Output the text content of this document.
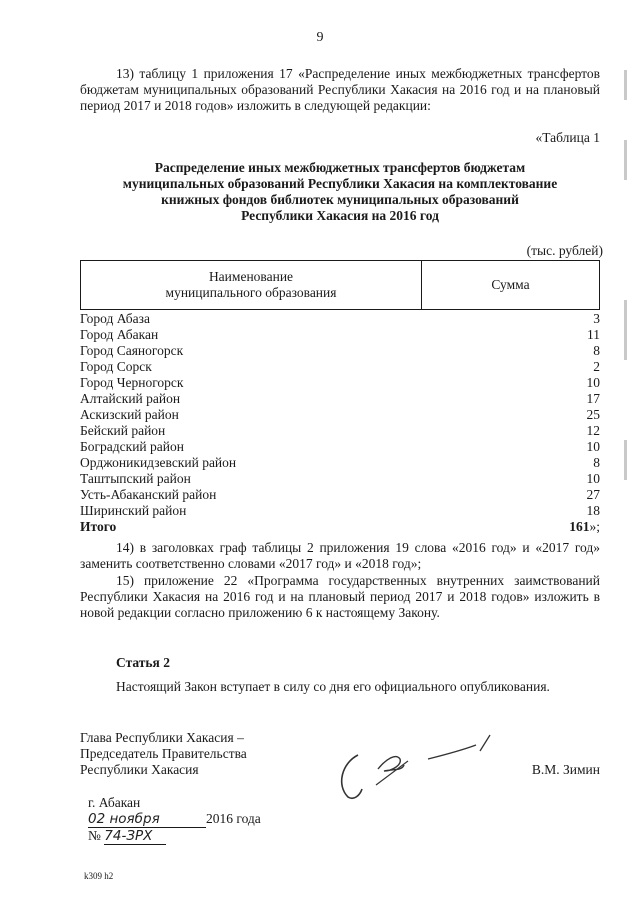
9
13) таблицу 1 приложения 17 «Распределение иных межбюджетных трансфертов бюджетам муниципальных образований Республики Хакасия на 2016 год и на плановый период 2017 и 2018 годов» изложить в следующей редакции:
«Таблица 1
Распределение иных межбюджетных трансфертов бюджетам
муниципальных образований Республики Хакасия на комплектование
книжных фондов библиотек муниципальных образований
Республики Хакасия на 2016 год
(тыс. рублей)
Наименование
муниципального образования
Сумма
Город Абаза	3
Город Абакан	11
Город Саяногорск	8
Город Сорск	2
Город Черногорск	10
Алтайский район	17
Аскизский район	25
Бейский район	12
Боградский район	10
Орджоникидзевский район	8
Таштыпский район	10
Усть-Абаканский район	27
Ширинский район	18
Итого	161»;
14) в заголовках граф таблицы 2 приложения 19 слова «2016 год» и «2017 год» заменить соответственно словами «2017 год» и «2018 год»;
15) приложение 22 «Программа государственных внутренних заимствований Республики Хакасия на 2016 год и на плановый период 2017 и 2018 годов» изложить в новой редакции согласно приложению 6 к настоящему Закону.
Статья 2
Настоящий Закон вступает в силу со дня его официального опубликования.
Глава Республики Хакасия –
Председатель Правительства
Республики Хакасия	В.М. Зимин
г. Абакан
02 ноября	2016 года
№ 74-ЗРХ
k309 h2
